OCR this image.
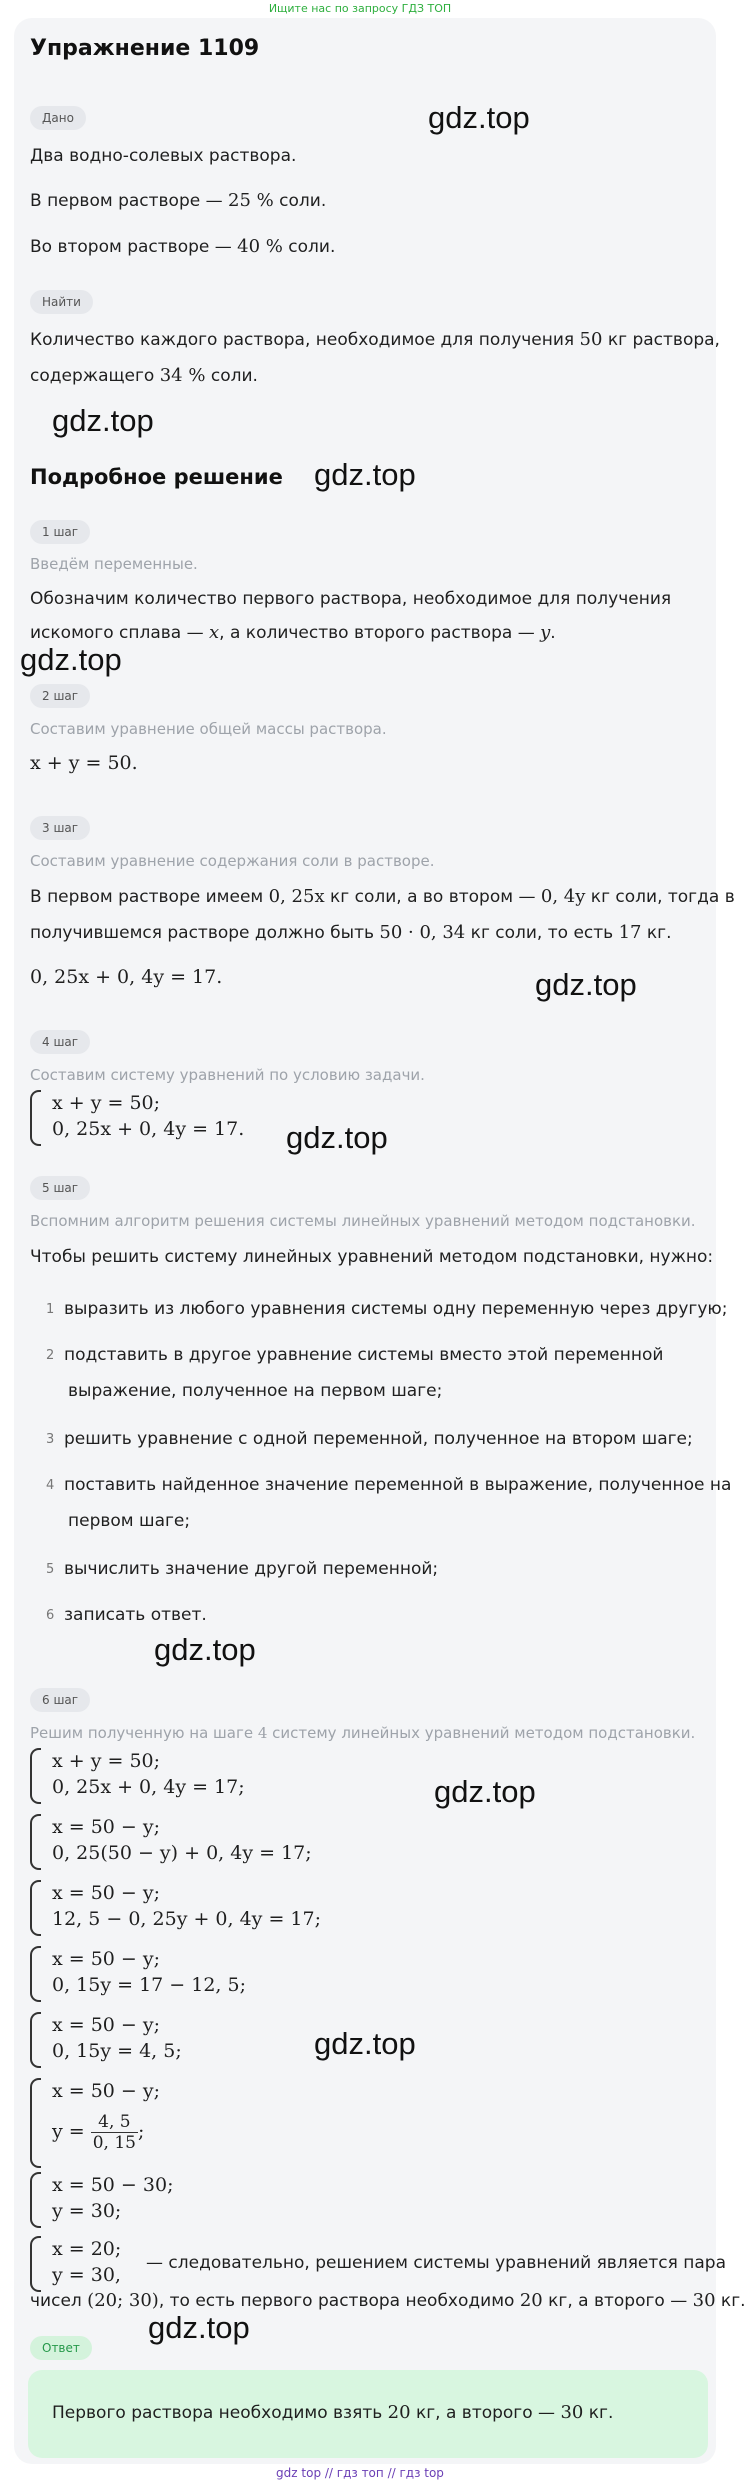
Ищите нас по запросу ГДЗ ТОП
Упражнение 1109
Дано
Два водно-солевых раствора.
В первом растворе — 25 % соли.
Во втором растворе — 40 % соли.
Найти
Количество каждого раствора, необходимое для получения 50 кг раствора,
содержащего 34 % соли.
Подробное решение
1 шаг
Введём переменные.
Обозначим количество первого раствора, необходимое для получения
искомого сплава — x, а количество второго раствора — y.
2 шаг
Составим уравнение общей массы раствора.
x + y = 50.
3 шаг
Составим уравнение содержания соли в растворе.
В первом растворе имеем 0, 25x кг соли, а во втором — 0, 4y кг соли, тогда в
получившемся растворе должно быть 50 · 0, 34 кг соли, то есть 17 кг.
0, 25x + 0, 4y = 17.
4 шаг
Составим систему уравнений по условию задачи.
x + y = 50;
0, 25x + 0, 4y = 17.
5 шаг
Вспомним алгоритм решения системы линейных уравнений методом подстановки.
Чтобы решить систему линейных уравнений методом подстановки, нужно:
1 выразить из любого уравнения системы одну переменную через другую;
2 подставить в другое уравнение системы вместо этой переменной
выражение, полученное на первом шаге;
3 решить уравнение с одной переменной, полученное на втором шаге;
4 поставить найденное значение переменной в выражение, полученное на
первом шаге;
5 вычислить значение другой переменной;
6 записать ответ.
6 шаг
Решим полученную на шаге 4 систему линейных уравнений методом подстановки.
x + y = 50;
0, 25x + 0, 4y = 17;
x = 50 − y;
0, 25(50 − y) + 0, 4y = 17;
x = 50 − y;
12, 5 − 0, 25y + 0, 4y = 17;
x = 50 − y;
0, 15y = 17 − 12, 5;
x = 50 − y;
0, 15y = 4, 5;
x = 50 − y;
$y = \frac{4, 5}{0, 15}$ ;
x = 50 − 30;
y = 30;
x = 20;
y = 30,
— следовательно, решением системы уравнений является пара
чисел (20; 30), то есть первого раствора необходимо 20 кг, а второго — 30 кг.
Ответ
Первого раствора необходимо взять 20 кг, а второго — 30 кг.
gdz.top
gdz.top
gdz.top
gdz.top
gdz.top
gdz.top
gdz.top
gdz.top
gdz.top
gdz.top
gdz top // гдз топ // гдз top
